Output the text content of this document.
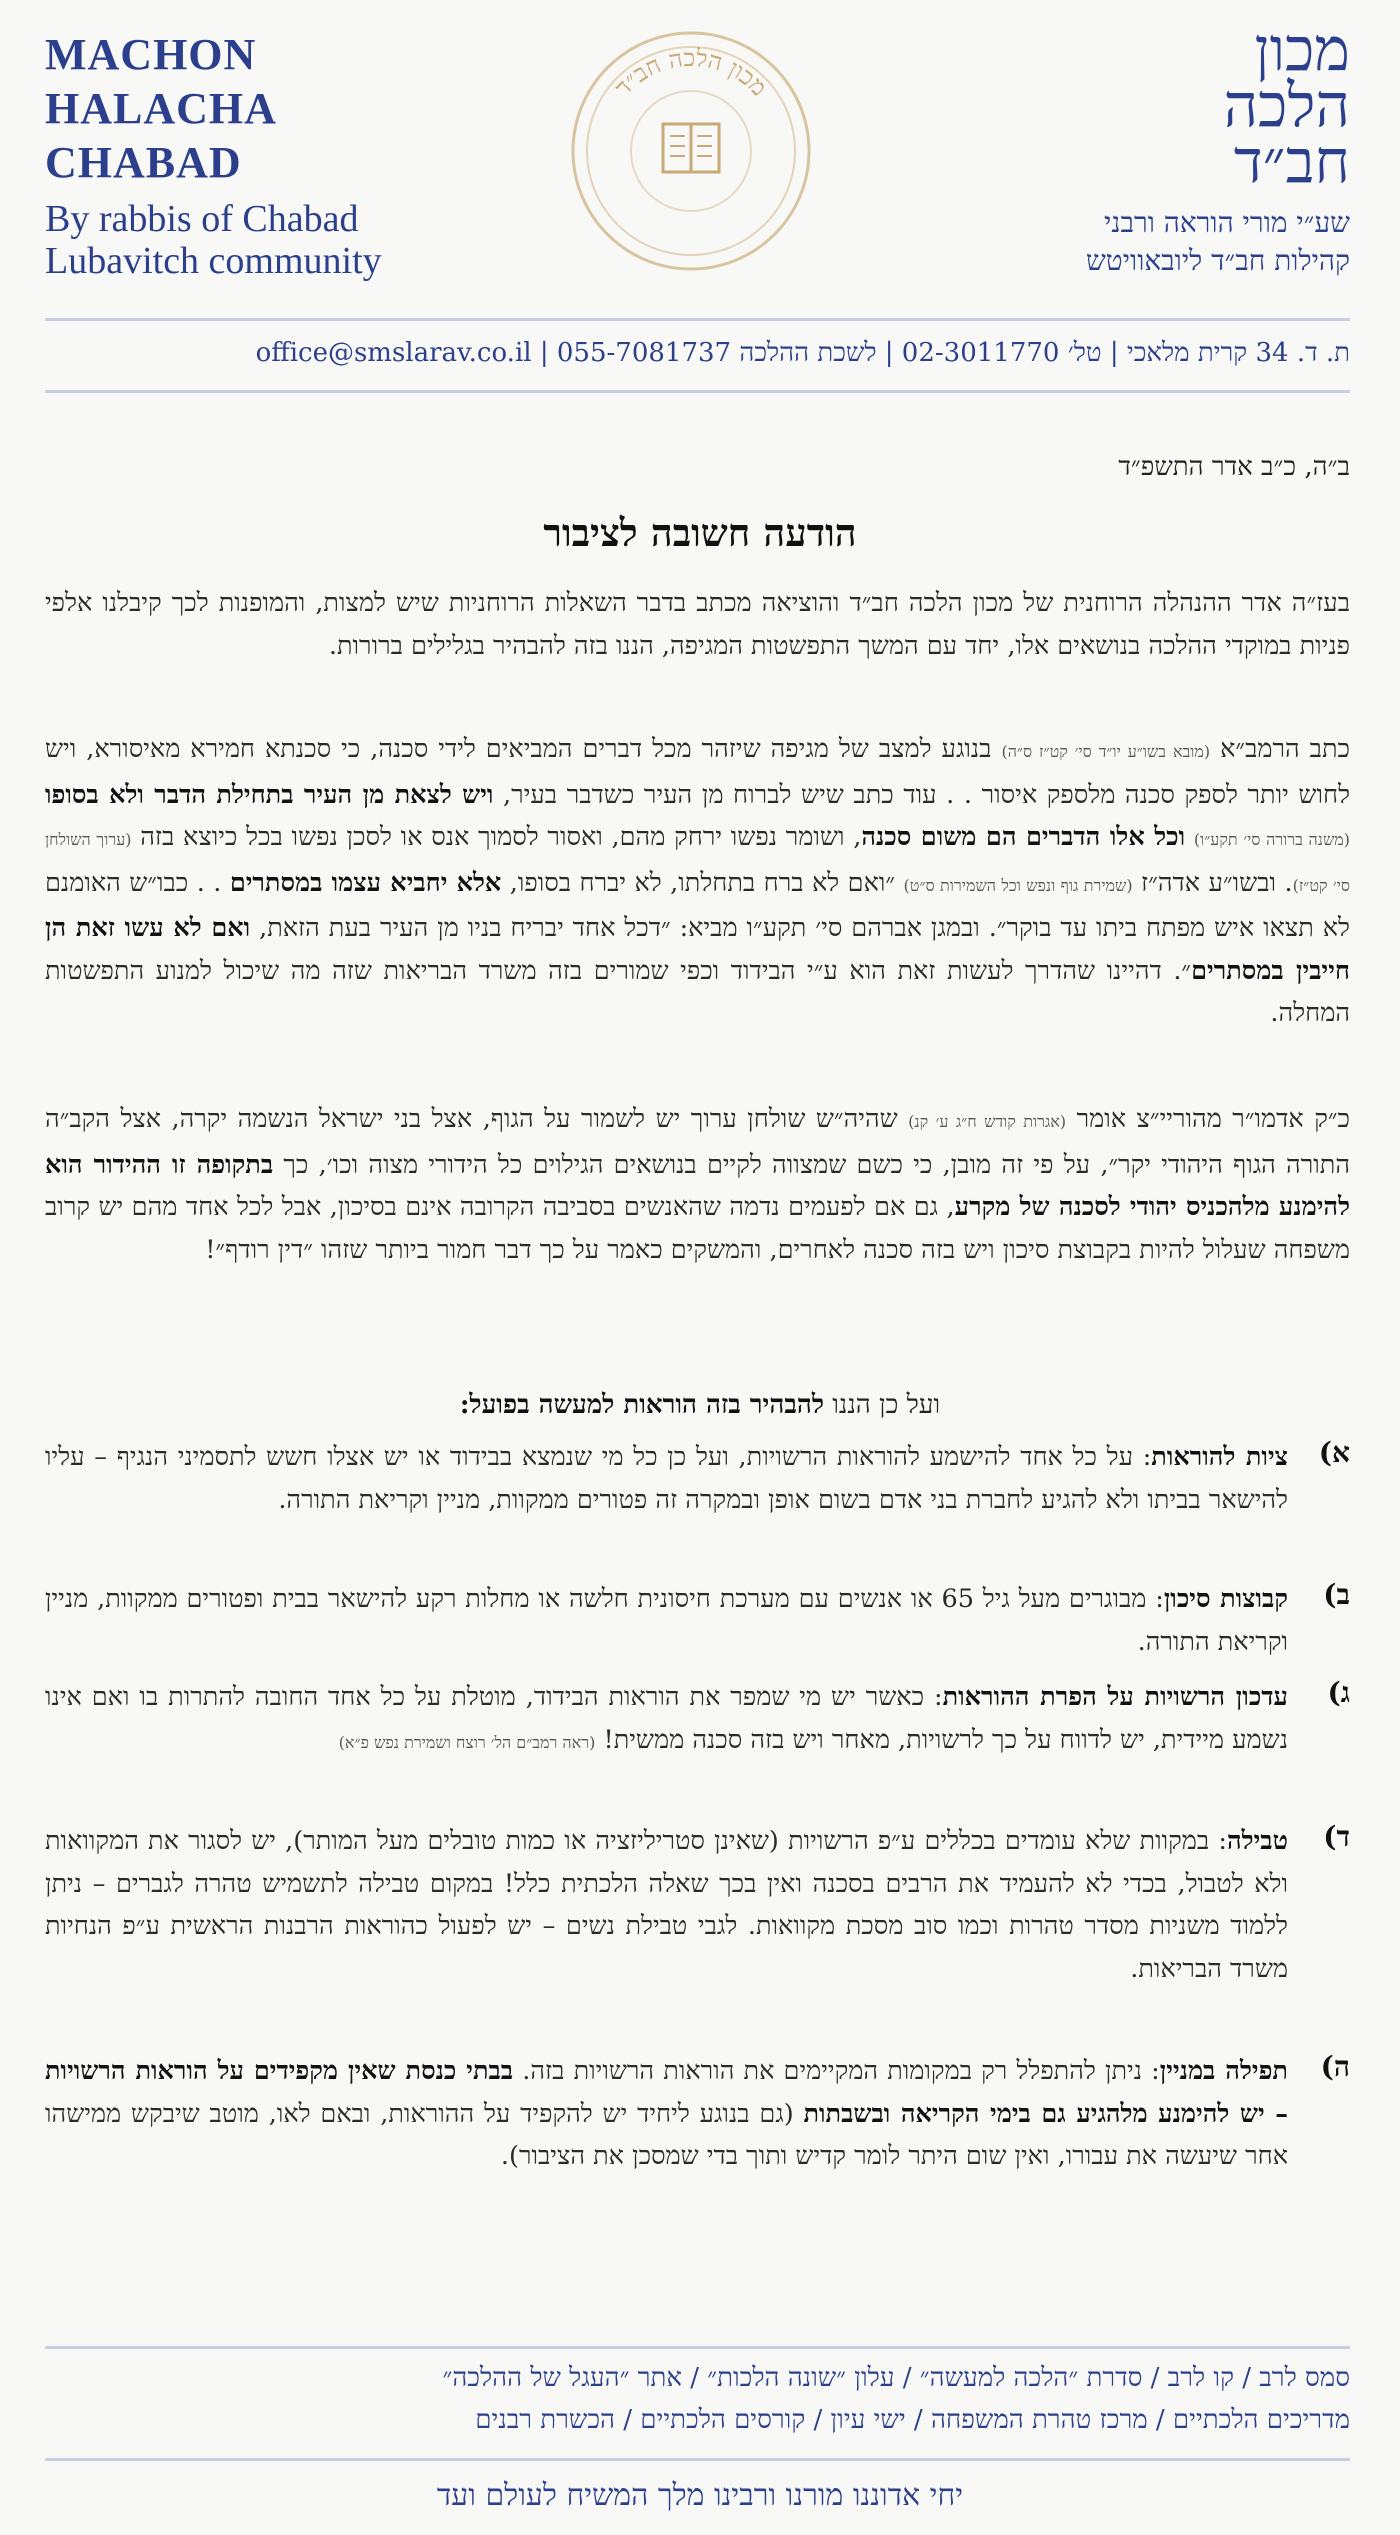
MACHON
HALACHA
CHABAD
By rabbis of Chabad
Lubavitch community
מכון הלכה חב״ד
מכון
הלכה
חב״ד
שע״י מורי הוראה ורבני
קהילות חב״ד ליובאוויטש
ת. ד. 34 קרית מלאכי | טל׳ 02-3011770 | לשכת ההלכה 055-7081737 | office@smslarav.co.il
ב״ה, כ״ב אדר התשפ״ד
הודעה חשובה לציבור
בעז״ה אדר ההנהלה הרוחנית של מכון הלכה חב״ד והוציאה מכתב בדבר השאלות הרוחניות שיש למצות, והמופנות לכך קיבלנו אלפי פניות במוקדי ההלכה בנושאים אלו, יחד עם המשך התפשטות המגיפה, הננו בזה להבהיר בגלילים ברורות.
כתב הרמב״א (מובא בשו״ע יו״ד סי׳ קט״ז ס״ה) בנוגע למצב של מגיפה שיזהר מכל דברים המביאים לידי סכנה, כי סכנתא חמירא מאיסורא, ויש לחוש יותר לספק סכנה מלספק איסור . . עוד כתב שיש לברוח מן העיר כשדבר בעיר, ויש לצאת מן העיר בתחילת הדבר ולא בסופו (משנה ברורה סי׳ תקע״ו) וכל אלו הדברים הם משום סכנה, ושומר נפשו ירחק מהם, ואסור לסמוך אנס או לסכן נפשו בכל כיוצא בזה (ערוך השולחן סי׳ קט״ז). ובשו״ע אדה״ז (שמירת גוף ונפש וכל השמירות ס״ט) ״ואם לא ברח בתחלתו, לא יברח בסופו, אלא יחביא עצמו במסתרים . . כבו״ש האומנם לא תצאו איש מפתח ביתו עד בוקר״. ובמגן אברהם סי׳ תקע״ו מביא: ״דכל אחד יבריח בניו מן העיר בעת הזאת, ואם לא עשו זאת הן חייבין במסתרים״. דהיינו שהדרך לעשות זאת הוא ע״י הבידוד וכפי שמורים בזה משרד הבריאות שזה מה שיכול למנוע התפשטות המחלה.
כ״ק אדמו״ר מהוריי״צ אומר (אגרות קודש ח״ג ע׳ קנ) שהיה״ש שולחן ערוך יש לשמור על הגוף, אצל בני ישראל הנשמה יקרה, אצל הקב״ה התורה הגוף היהודי יקר״, על פי זה מובן, כי כשם שמצווה לקיים בנושאים הגילוים כל הידורי מצוה וכו׳, כך בתקופה זו ההידור הוא להימנע מלהכניס יהודי לסכנה של מקרע, גם אם לפעמים נדמה שהאנשים בסביבה הקרובה אינם בסיכון, אבל לכל אחד מהם יש קרוב משפחה שעלול להיות בקבוצת סיכון ויש בזה סכנה לאחרים, והמשקים כאמר על כך דבר חמור ביותר שזהו ״דין רודף״!
ועל כן הננו להבהיר בזה הוראות למעשה בפועל:
א)
ציות להוראות: על כל אחד להישמע להוראות הרשויות, ועל כן כל מי שנמצא בבידוד או יש אצלו חשש לתסמיני הנגיף – עליו להישאר בביתו ולא להגיע לחברת בני אדם בשום אופן ובמקרה זה פטורים ממקוות, מניין וקריאת התורה.
ב)
קבוצות סיכון: מבוגרים מעל גיל 65 או אנשים עם מערכת חיסונית חלשה או מחלות רקע להישאר בבית ופטורים ממקוות, מניין וקריאת התורה.
ג)
עדכון הרשויות על הפרת ההוראות: כאשר יש מי שמפר את הוראות הבידוד, מוטלת על כל אחד החובה להתרות בו ואם אינו נשמע מיידית, יש לדווח על כך לרשויות, מאחר ויש בזה סכנה ממשית! (ראה רמב״ם הל׳ רוצח ושמירת נפש פ״א)
ד)
טבילה: במקוות שלא עומדים בכללים ע״פ הרשויות (שאינן סטריליזציה או כמות טובלים מעל המותר), יש לסגור את המקוואות ולא לטבול, בכדי לא להעמיד את הרבים בסכנה ואין בכך שאלה הלכתית כלל! במקום טבילה לתשמיש טהרה לגברים – ניתן ללמוד משניות מסדר טהרות וכמו סוב מסכת מקוואות. לגבי טבילת נשים – יש לפעול כהוראות הרבנות הראשית ע״פ הנחיות משרד הבריאות.
ה)
תפילה במניין: ניתן להתפלל רק במקומות המקיימים את הוראות הרשויות בזה. בבתי כנסת שאין מקפידים על הוראות הרשויות – יש להימנע מלהגיע גם בימי הקריאה ובשבתות (גם בנוגע ליחיד יש להקפיד על ההוראות, ובאם לאו, מוטב שיבקש ממישהו אחר שיעשה את עבורו, ואין שום היתר לומר קדיש ותוך בדי שמסכן את הציבור).
סמס לרב / קו לרב / סדרת ״הלכה למעשה״ / עלון ״שונה הלכות״ / אתר ״העגל של ההלכה״
מדריכים הלכתיים / מרכז טהרת המשפחה / ישי עיון / קורסים הלכתיים / הכשרת רבנים
יחי אדוננו מורנו ורבינו מלך המשיח לעולם ועד
